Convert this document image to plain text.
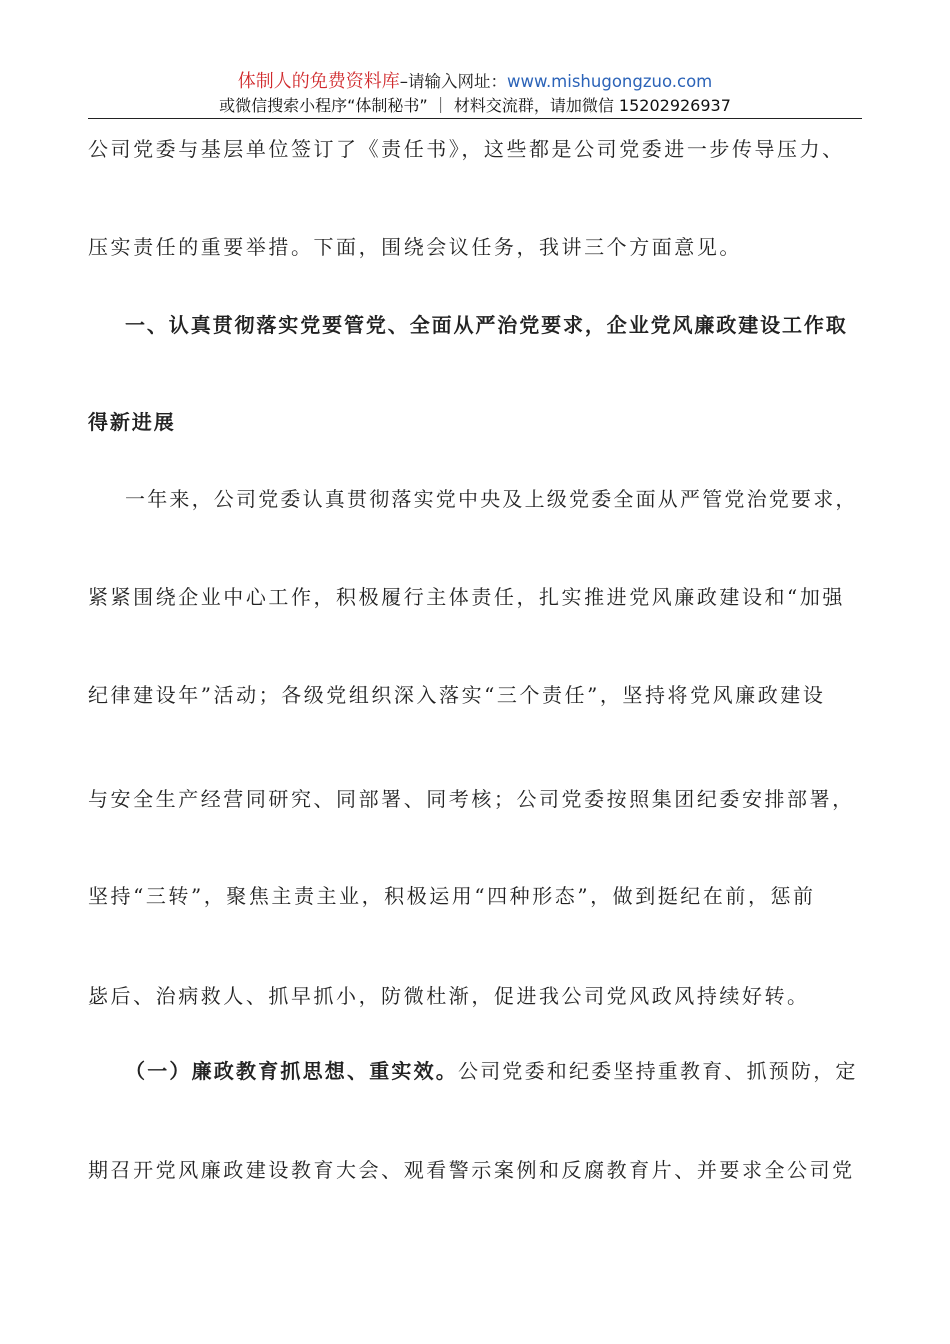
体制人的免费资料库–请输入网址：www.mishugongzuo.com
或微信搜索小程序“体制秘书” ｜ 材料交流群，请加微信 15202926937
公司党委与基层单位签订了《责任书》，这些都是公司党委进一步传导压力、
压实责任的重要举措。下面，围绕会议任务，我讲三个方面意见。
一、认真贯彻落实党要管党、全面从严治党要求，企业党风廉政建设工作取
得新进展
一年来，公司党委认真贯彻落实党中央及上级党委全面从严管党治党要求，
紧紧围绕企业中心工作，积极履行主体责任，扎实推进党风廉政建设和“加强
纪律建设年”活动；各级党组织深入落实“三个责任”，坚持将党风廉政建设
与安全生产经营同研究、同部署、同考核；公司党委按照集团纪委安排部署，
坚持“三转”，聚焦主责主业，积极运用“四种形态”，做到挺纪在前，惩前
毖后、治病救人、抓早抓小，防微杜渐，促进我公司党风政风持续好转。
（一）廉政教育抓思想、重实效。公司党委和纪委坚持重教育、抓预防，定
期召开党风廉政建设教育大会、观看警示案例和反腐教育片、并要求全公司党
